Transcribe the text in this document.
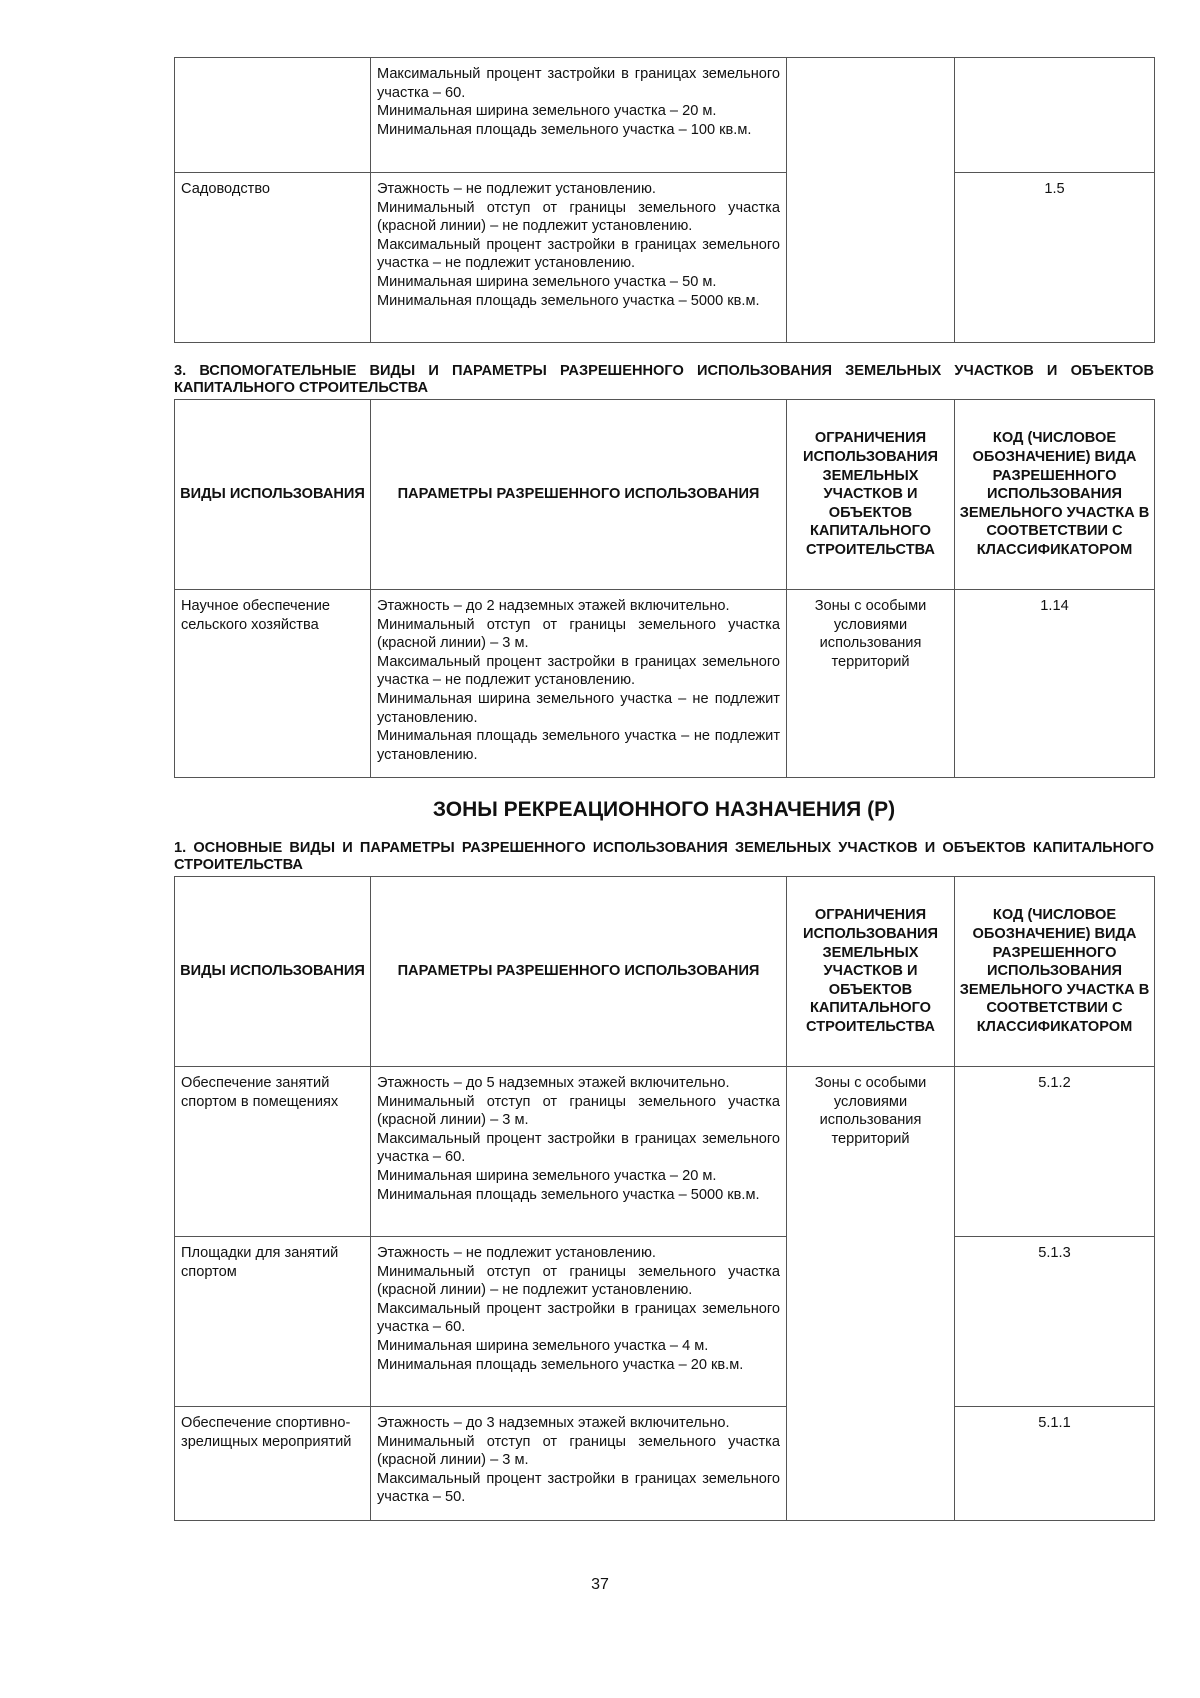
	Максимальный процент застройки в границах земельного участка – 60.
Минимальная ширина земельного участка – 20 м.
Минимальная площадь земельного участка – 100 кв.м.		

Садоводство	Этажность – не подлежит установлению.
Минимальный отступ от границы земельного участка (красной линии) – не подлежит установлению.
Максимальный процент застройки в границах земельного участка – не подлежит установлению.
Минимальная ширина земельного участка – 50 м.
Минимальная площадь земельного участка – 5000 кв.м.		1.5

3. ВСПОМОГАТЕЛЬНЫЕ ВИДЫ И ПАРАМЕТРЫ РАЗРЕШЕННОГО ИСПОЛЬЗОВАНИЯ ЗЕМЕЛЬНЫХ УЧАСТКОВ И ОБЪЕКТОВ КАПИТАЛЬНОГО СТРОИТЕЛЬСТВА

ВИДЫ ИСПОЛЬЗОВАНИЯ	ПАРАМЕТРЫ РАЗРЕШЕННОГО ИСПОЛЬЗОВАНИЯ	ОГРАНИЧЕНИЯ ИСПОЛЬЗОВАНИЯ ЗЕМЕЛЬНЫХ УЧАСТКОВ И ОБЪЕКТОВ КАПИТАЛЬНОГО СТРОИТЕЛЬСТВА	КОД (ЧИСЛОВОЕ ОБОЗНАЧЕНИЕ) ВИДА РАЗРЕШЕННОГО ИСПОЛЬЗОВАНИЯ ЗЕМЕЛЬНОГО УЧАСТКА В СООТВЕТСТВИИ С КЛАССИФИКАТОРОМ
Научное обеспечение сельского хозяйства	Этажность – до 2 надземных этажей включительно.
Минимальный отступ от границы земельного участка (красной линии) – 3 м.
Максимальный процент застройки в границах земельного участка – не подлежит установлению.
Минимальная ширина земельного участка – не подлежит установлению.
Минимальная площадь земельного участка – не подлежит установлению.	Зоны с особыми условиями использования территорий	1.14

ЗОНЫ РЕКРЕАЦИОННОГО НАЗНАЧЕНИЯ (Р)

1. ОСНОВНЫЕ ВИДЫ И ПАРАМЕТРЫ РАЗРЕШЕННОГО ИСПОЛЬЗОВАНИЯ ЗЕМЕЛЬНЫХ УЧАСТКОВ И ОБЪЕКТОВ КАПИТАЛЬНОГО СТРОИТЕЛЬСТВА

ВИДЫ ИСПОЛЬЗОВАНИЯ	ПАРАМЕТРЫ РАЗРЕШЕННОГО ИСПОЛЬЗОВАНИЯ	ОГРАНИЧЕНИЯ ИСПОЛЬЗОВАНИЯ ЗЕМЕЛЬНЫХ УЧАСТКОВ И ОБЪЕКТОВ КАПИТАЛЬНОГО СТРОИТЕЛЬСТВА	КОД (ЧИСЛОВОЕ ОБОЗНАЧЕНИЕ) ВИДА РАЗРЕШЕННОГО ИСПОЛЬЗОВАНИЯ ЗЕМЕЛЬНОГО УЧАСТКА В СООТВЕТСТВИИ С КЛАССИФИКАТОРОМ
Обеспечение занятий спортом в помещениях	Этажность – до 5 надземных этажей включительно.
Минимальный отступ от границы земельного участка (красной линии) – 3 м.
Максимальный процент застройки в границах земельного участка – 60.
Минимальная ширина земельного участка – 20 м.
Минимальная площадь земельного участка – 5000 кв.м.	Зоны с особыми условиями использования территорий	5.1.2
Площадки для занятий спортом	Этажность – не подлежит установлению.
Минимальный отступ от границы земельного участка (красной линии) – не подлежит установлению.
Максимальный процент застройки в границах земельного участка – 60.
Минимальная ширина земельного участка – 4 м.
Минимальная площадь земельного участка – 20 кв.м.		5.1.3
Обеспечение спортивно-зрелищных мероприятий	Этажность – до 3 надземных этажей включительно.
Минимальный отступ от границы земельного участка (красной линии) – 3 м.
Максимальный процент застройки в границах земельного участка – 50.		5.1.1
37
